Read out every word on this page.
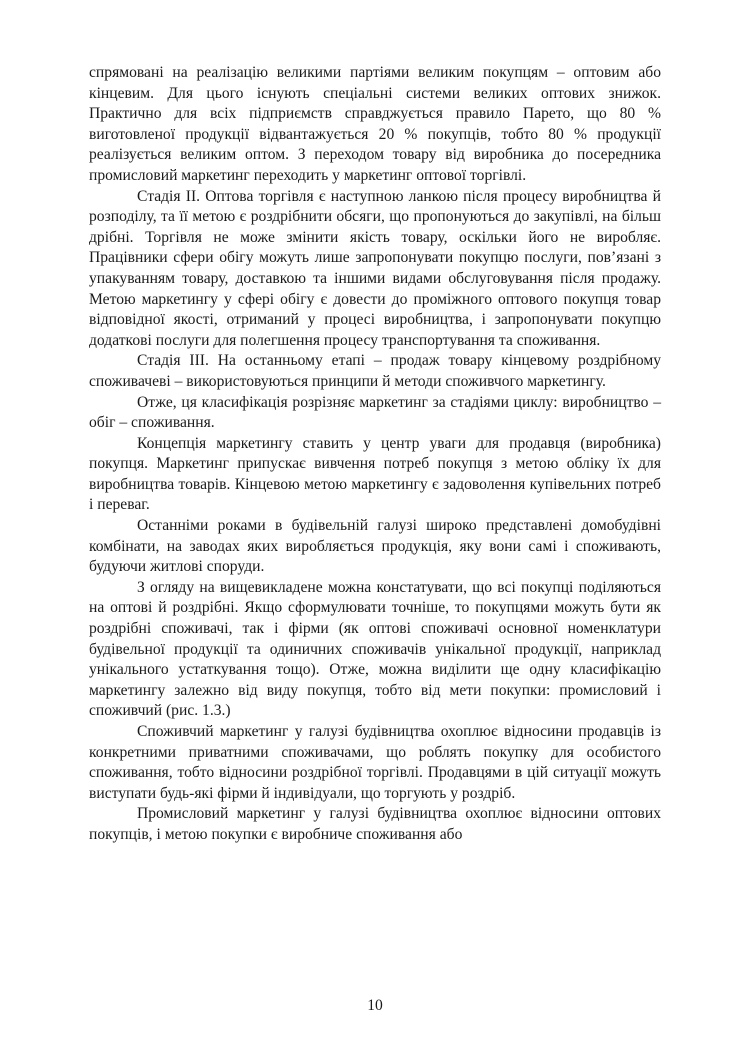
спрямовані на реалізацію великими партіями великим покупцям – оптовим або кінцевим. Для цього існують спеціальні системи великих оптових знижок. Практично для всіх підприємств справджується правило Парето, що 80 % виготовленої продукції відвантажується 20 % покупців, тобто 80 % продукції реалізується великим оптом. З переходом товару від виробника до посередника промисловий маркетинг переходить у маркетинг оптової торгівлі.

Стадія II. Оптова торгівля є наступною ланкою після процесу виробництва й розподілу, та її метою є роздрібнити обсяги, що пропонуються до закупівлі, на більш дрібні. Торгівля не може змінити якість товару, оскільки його не виробляє. Працівники сфери обігу можуть лише запропонувати покупцю послуги, пов’язані з упакуванням товару, доставкою та іншими видами обслуговування після продажу. Метою маркетингу у сфері обігу є довести до проміжного оптового покупця товар відповідної якості, отриманий у процесі виробництва, і запропонувати покупцю додаткові послуги для полегшення процесу транспортування та споживання.

Стадія III. На останньому етапі – продаж товару кінцевому роздрібному споживачеві – використовуються принципи й методи споживчого маркетингу.

Отже, ця класифікація розрізняє маркетинг за стадіями циклу: виробництво – обіг – споживання.

Концепція маркетингу ставить у центр уваги для продавця (виробника) покупця. Маркетинг припускає вивчення потреб покупця з метою обліку їх для виробництва товарів. Кінцевою метою маркетингу є задоволення купівельних потреб і переваг.

Останніми роками в будівельній галузі широко представлені домобудівні комбінати, на заводах яких виробляється продукція, яку вони самі і споживають, будуючи житлові споруди.

З огляду на вищевикладене можна констатувати, що всі покупці поділяються на оптові й роздрібні. Якщо сформулювати точніше, то покупцями можуть бути як роздрібні споживачі, так і фірми (як оптові споживачі основної номенклатури будівельної продукції та одиничних споживачів унікальної продукції, наприклад унікального устаткування тощо). Отже, можна виділити ще одну класифікацію маркетингу залежно від виду покупця, тобто від мети покупки: промисловий і споживчий (рис. 1.3.)

Споживчий маркетинг у галузі будівництва охоплює відносини продавців із конкретними приватними споживачами, що роблять покупку для особистого споживання, тобто відносини роздрібної торгівлі. Продавцями в цій ситуації можуть виступати будь-які фірми й індивідуали, що торгують у роздріб.

Промисловий маркетинг у галузі будівництва охоплює відносини оптових покупців, і метою покупки є виробниче споживання або

10
